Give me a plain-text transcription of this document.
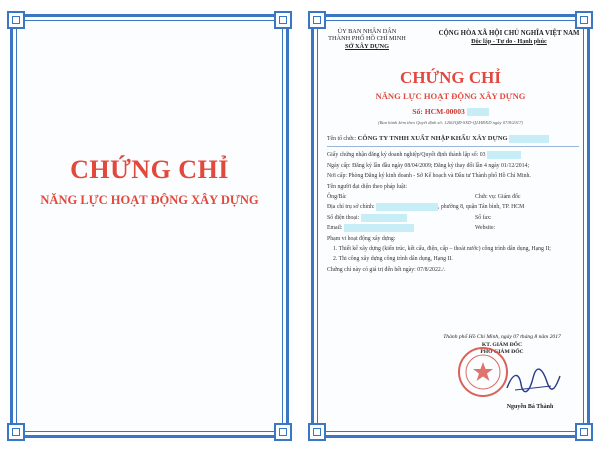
CHỨNG CHỈ
NĂNG LỰC HOẠT ĐỘNG XÂY DỰNG
ỦY BAN NHÂN DÂN
THÀNH PHỐ HỒ CHÍ MINH
SỞ XÂY DỰNG
CỘNG HÒA XÃ HỘI CHỦ NGHĨA VIỆT NAM
Độc lập - Tự do - Hạnh phúc
CHỨNG CHỈ
NĂNG LỰC HOẠT ĐỘNG XÂY DỰNG
Số: HCM-00003
(Ban hành kèm theo Quyết định số: 1260/QĐ-SXD-QLHĐXD ngày 07/8/2017)
Tên tổ chức: CÔNG TY TNHH XUẤT NHẬP KHẨU XÂY DỰNG
Giấy chứng nhận đăng ký doanh nghiệp/Quyết định thành lập số: 03
Ngày cấp: Đăng ký lần đầu ngày 08/04/2009; Đăng ký thay đổi lần 4 ngày 01/12/2014;
Nơi cấp: Phòng Đăng ký kinh doanh - Sở Kế hoạch và Đầu tư Thành phố Hồ Chí Minh.
Tên người đại diện theo pháp luật:
Ông/Bà:	Chức vụ: Giám đốc
Địa chỉ trụ sở chính:	, phường 8, quận Tân bình, TP. HCM
Số điện thoại:	Số fax:
Email:	Website:
Phạm vi hoạt động xây dựng:
1. Thiết kế xây dựng (kiến trúc, kết cấu, điện, cấp – thoát nước) công trình dân dụng, Hạng II;
2. Thi công xây dựng công trình dân dụng, Hạng II.
Chứng chỉ này có giá trị đến hết ngày: 07/8/2022./.
Thành phố Hồ Chí Minh, ngày 07 tháng 8 năm 2017
KT. GIÁM ĐỐC
PHÓ GIÁM ĐỐC
Nguyễn Bá Thành
